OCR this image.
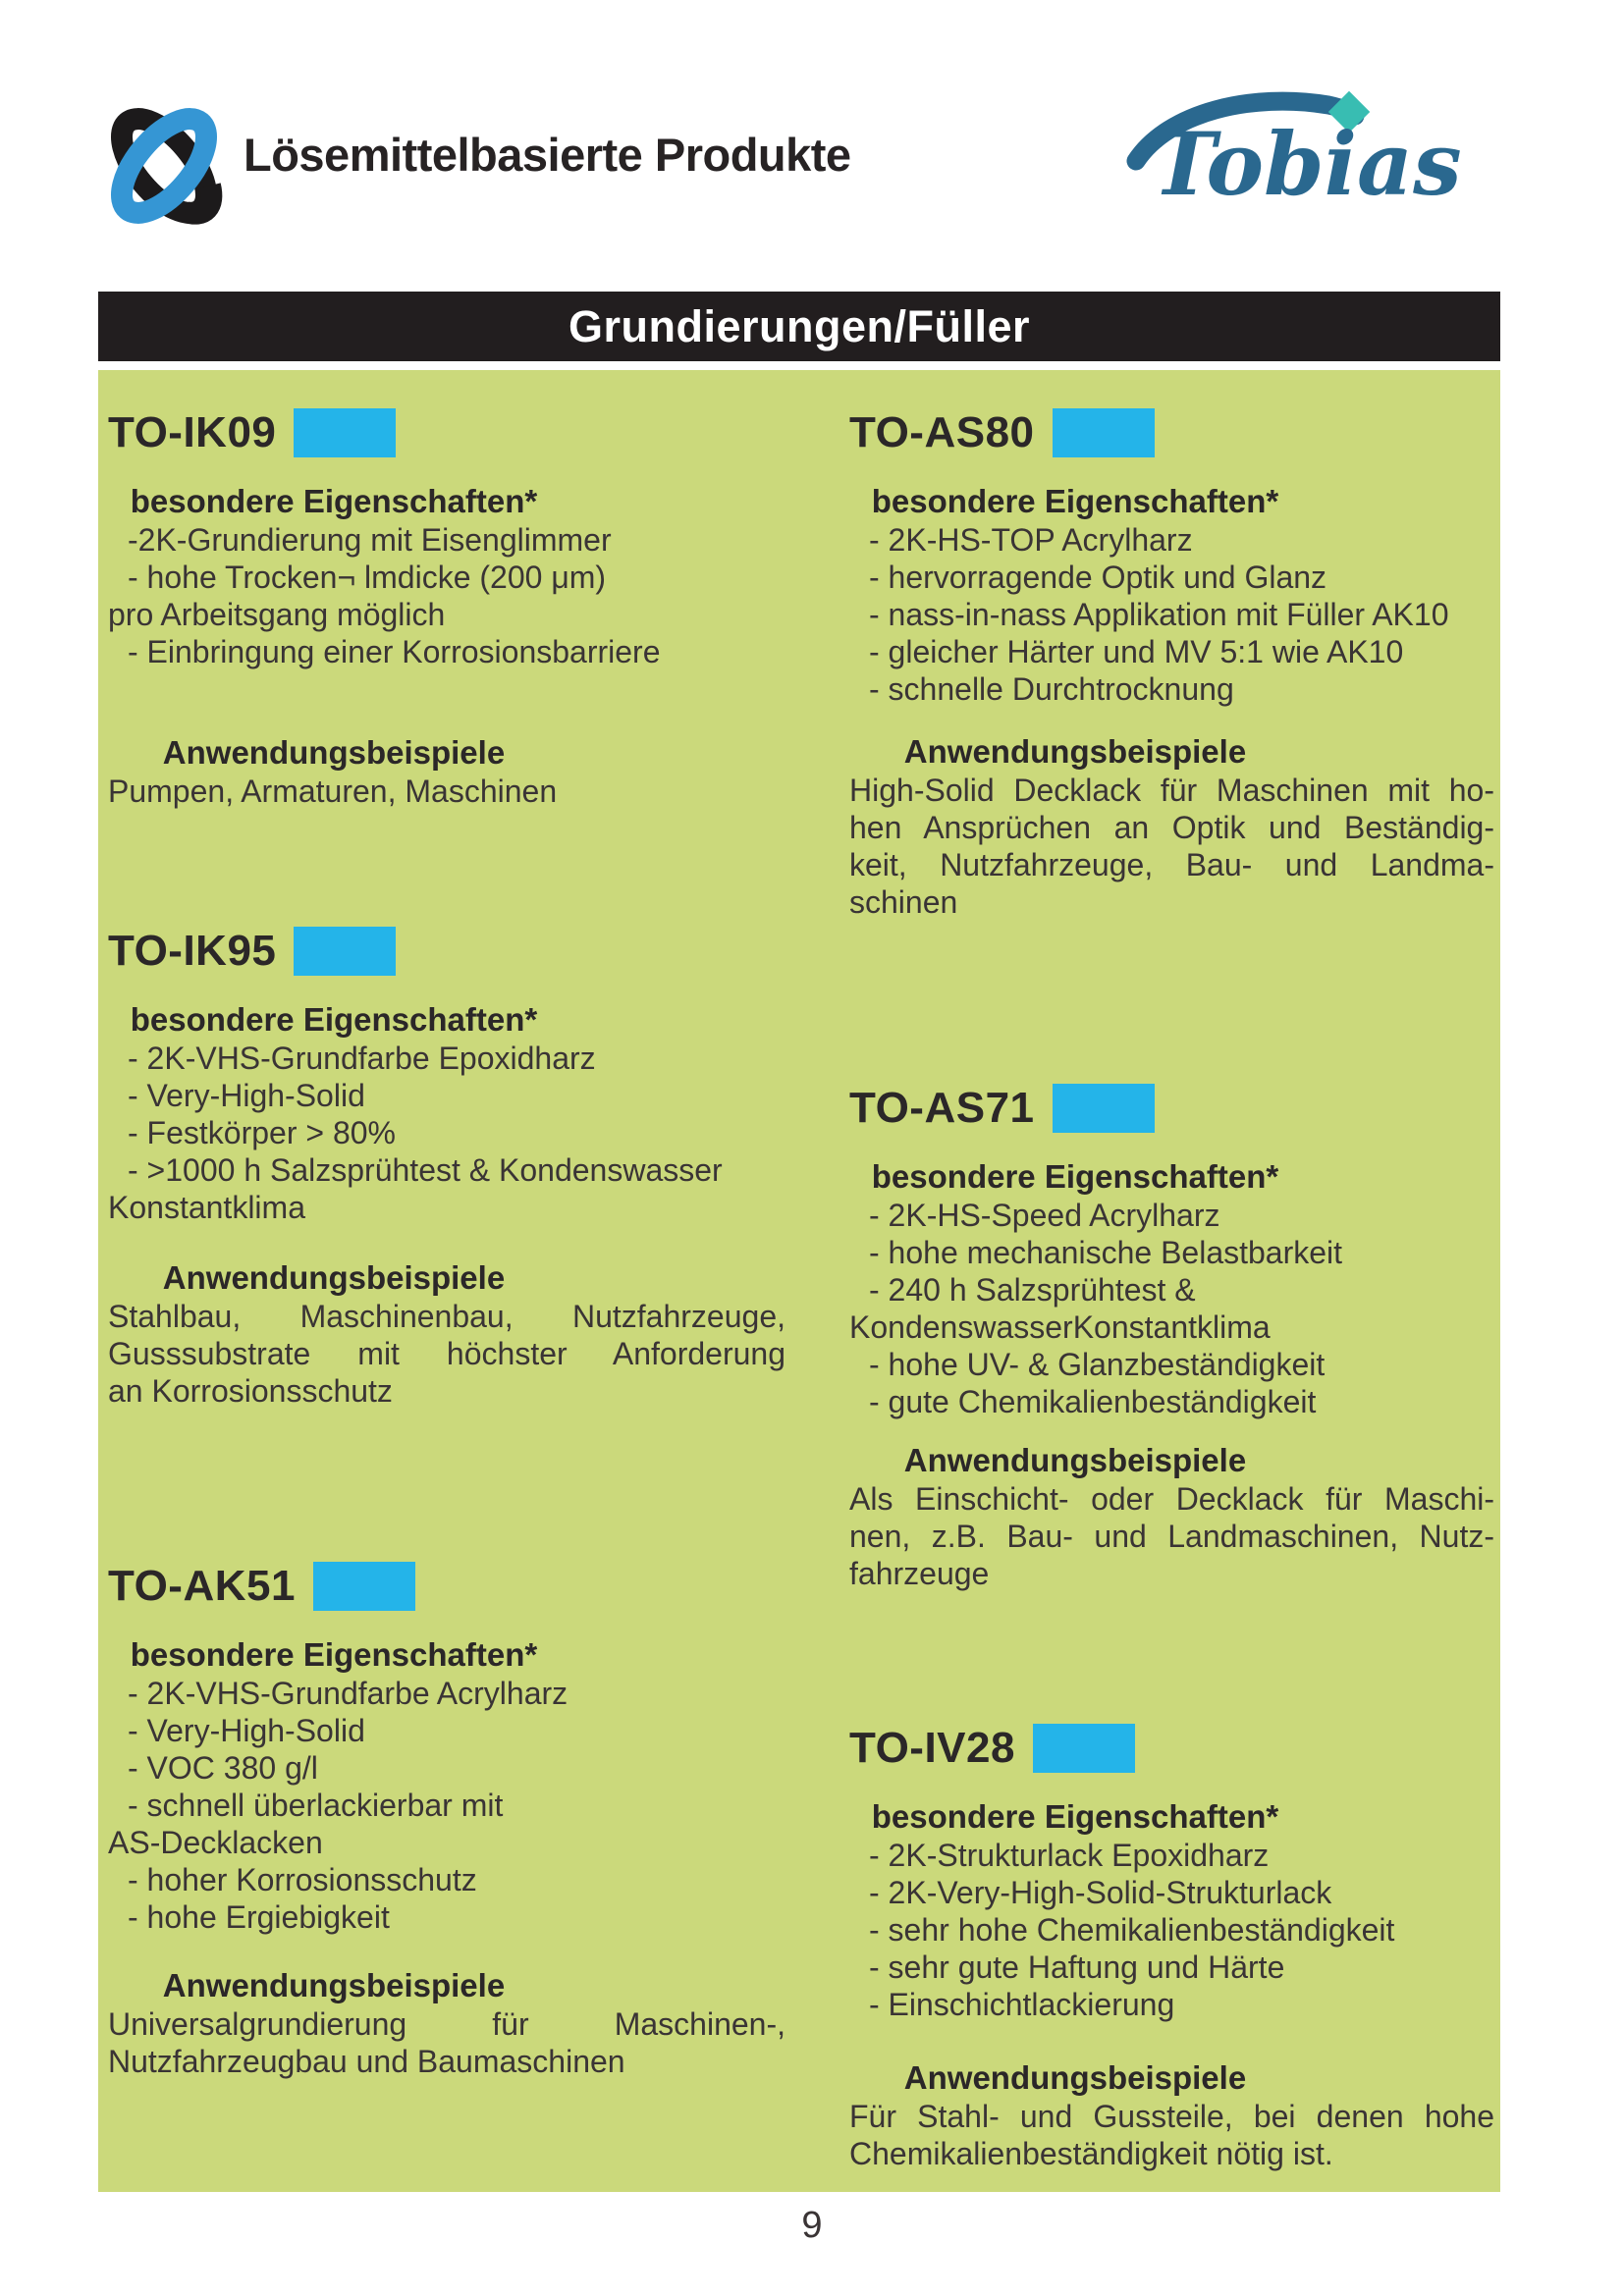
Lösemittelbasierte Produkte	Tobias
Grundierungen/Füller
TO-IK09
besondere Eigenschaften*
-2K-Grundierung mit Eisenglimmer
- hohe Trocken¬ lmdicke (200 μm)
pro Arbeitsgang möglich
- Einbringung einer Korrosionsbarriere
Anwendungsbeispiele
Pumpen, Armaturen, Maschinen
TO-IK95
besondere Eigenschaften*
- 2K-VHS-Grundfarbe Epoxidharz
- Very-High-Solid
- Festkörper > 80%
- >1000 h Salzsprühtest & Kondenswasser
Konstantklima
Anwendungsbeispiele
Stahlbau, Maschinenbau, Nutzfahrzeuge,
Gusssubstrate mit höchster Anforderung
an Korrosionsschutz
TO-AK51
besondere Eigenschaften*
- 2K-VHS-Grundfarbe Acrylharz
- Very-High-Solid
- VOC 380 g/l
- schnell überlackierbar mit
AS-Decklacken
- hoher Korrosionsschutz
- hohe Ergiebigkeit
Anwendungsbeispiele
Universalgrundierung für Maschinen-,
Nutzfahrzeugbau und Baumaschinen
TO-AS80
besondere Eigenschaften*
- 2K-HS-TOP Acrylharz
- hervorragende Optik und Glanz
- nass-in-nass Applikation mit Füller AK10
- gleicher Härter und MV 5:1 wie AK10
- schnelle Durchtrocknung
Anwendungsbeispiele
High-Solid Decklack für Maschinen mit ho-
hen Ansprüchen an Optik und Beständig-
keit, Nutzfahrzeuge, Bau- und Landma-
schinen
TO-AS71
besondere Eigenschaften*
- 2K-HS-Speed Acrylharz
- hohe mechanische Belastbarkeit
- 240 h Salzsprühtest &
KondenswasserKonstantklima
- hohe UV- & Glanzbeständigkeit
- gute Chemikalienbeständigkeit
Anwendungsbeispiele
Als Einschicht- oder Decklack für Maschi-
nen, z.B. Bau- und Landmaschinen, Nutz-
fahrzeuge
TO-IV28
besondere Eigenschaften*
- 2K-Strukturlack Epoxidharz
- 2K-Very-High-Solid-Strukturlack
- sehr hohe Chemikalienbeständigkeit
- sehr gute Haftung und Härte
- Einschichtlackierung
Anwendungsbeispiele
Für Stahl- und Gussteile, bei denen hohe
Chemikalienbeständigkeit nötig ist.
9
